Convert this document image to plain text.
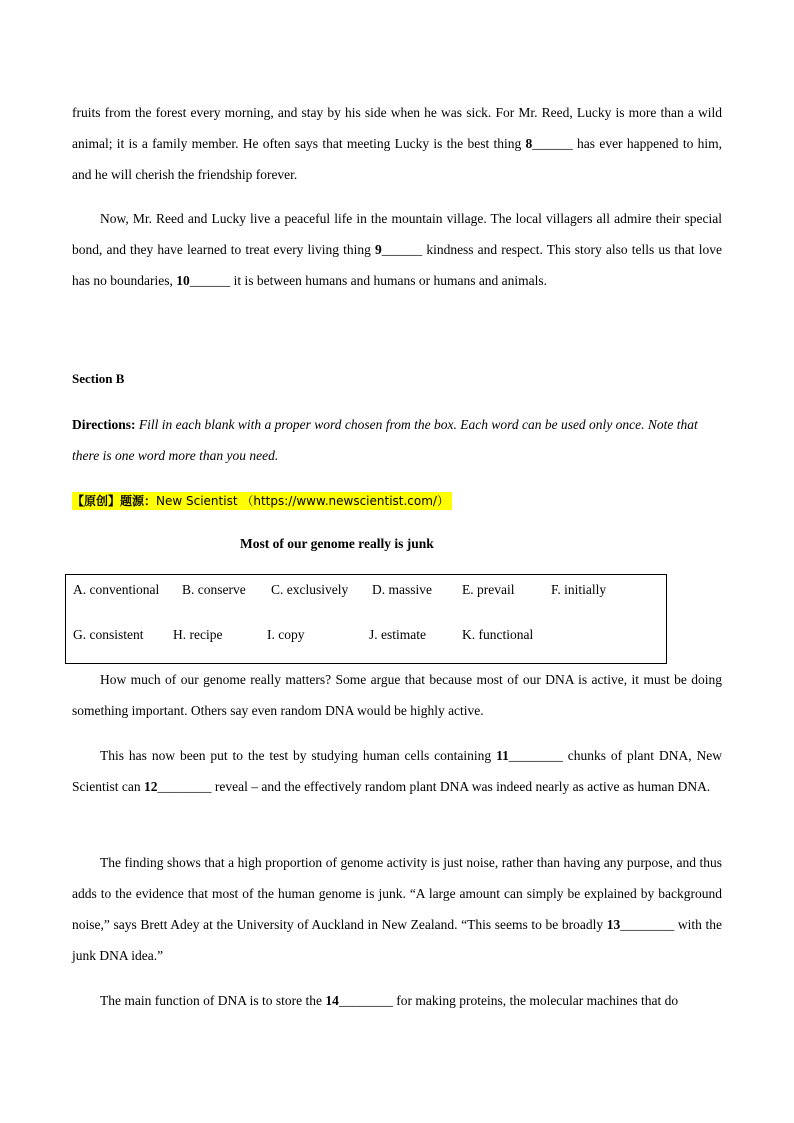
fruits from the forest every morning, and stay by his side when he was sick. For Mr. Reed, Lucky is more than a wild animal; it is a family member. He often says that meeting Lucky is the best thing 8______ has ever happened to him, and he will cherish the friendship forever.

Now, Mr. Reed and Lucky live a peaceful life in the mountain village. The local villagers all admire their special bond, and they have learned to treat every living thing 9______ kindness and respect. This story also tells us that love has no boundaries, 10______ it is between humans and humans or humans and animals.

Section B

Directions: Fill in each blank with a proper word chosen from the box. Each word can be used only once. Note that there is one word more than you need.

【原创】题源：New Scientist （https://www.newscientist.com/）

Most of our genome really is junk

A. conventional B. conserve C. exclusively D. massive E. prevail	F. initially
G. consistent H. recipe	I. copy	J. estimate	K. functional

How much of our genome really matters? Some argue that because most of our DNA is active, it must be doing something important. Others say even random DNA would be highly active.

This has now been put to the test by studying human cells containing 11________ chunks of plant DNA, New Scientist can 12________ reveal – and the effectively random plant DNA was indeed nearly as active as human DNA.

The finding shows that a high proportion of genome activity is just noise, rather than having any purpose, and thus adds to the evidence that most of the human genome is junk. “A large amount can simply be explained by background noise,” says Brett Adey at the University of Auckland in New Zealand. “This seems to be broadly 13________ with the junk DNA idea.”

The main function of DNA is to store the 14________ for making proteins, the molecular machines that do
